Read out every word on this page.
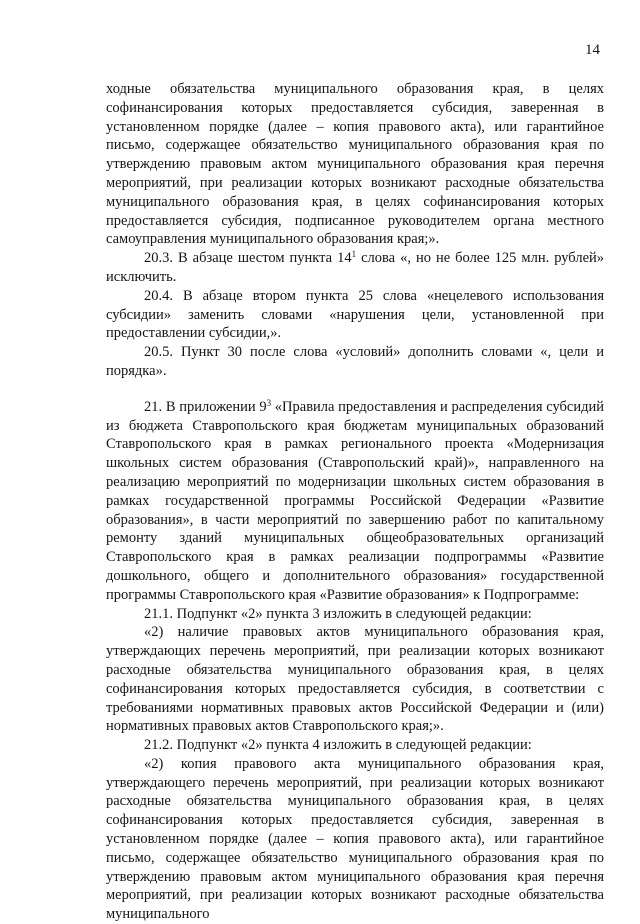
14

ходные обязательства муниципального образования края, в целях софинансирования которых предоставляется субсидия, заверенная в установленном порядке (далее – копия правового акта), или гарантийное письмо, содержащее обязательство муниципального образования края по утверждению правовым актом муниципального образования края перечня мероприятий, при реализации которых возникают расходные обязательства муниципального образования края, в целях софинансирования которых предоставляется субсидия, подписанное руководителем органа местного самоуправления муниципального образования края;».

20.3. В абзаце шестом пункта $14^1$ слова «, но не более 125 млн. рублей» исключить.

20.4. В абзаце втором пункта 25 слова «нецелевого использования субсидии» заменить словами «нарушения цели, установленной при предоставлении субсидии,».

20.5. Пункт 30 после слова «условий» дополнить словами «, цели и порядка».

21. В приложении $9^3$ «Правила предоставления и распределения субсидий из бюджета Ставропольского края бюджетам муниципальных образований Ставропольского края в рамках регионального проекта «Модернизация школьных систем образования (Ставропольский край)», направленного на реализацию мероприятий по модернизации школьных систем образования в рамках государственной программы Российской Федерации «Развитие образования», в части мероприятий по завершению работ по капитальному ремонту зданий муниципальных общеобразовательных организаций Ставропольского края в рамках реализации подпрограммы «Развитие дошкольного, общего и дополнительного образования» государственной программы Ставропольского края «Развитие образования» к Подпрограмме:

21.1. Подпункт «2» пункта 3 изложить в следующей редакции:

«2) наличие правовых актов муниципального образования края, утверждающих перечень мероприятий, при реализации которых возникают расходные обязательства муниципального образования края, в целях софинансирования которых предоставляется субсидия, в соответствии с требованиями нормативных правовых актов Российской Федерации и (или) нормативных правовых актов Ставропольского края;».

21.2. Подпункт «2» пункта 4 изложить в следующей редакции:

«2) копия правового акта муниципального образования края, утверждающего перечень мероприятий, при реализации которых возникают расходные обязательства муниципального образования края, в целях софинансирования которых предоставляется субсидия, заверенная в установленном порядке (далее – копия правового акта), или гарантийное письмо, содержащее обязательство муниципального образования края по утверждению правовым актом муниципального образования края перечня мероприятий, при реализации которых возникают расходные обязательства муниципального
